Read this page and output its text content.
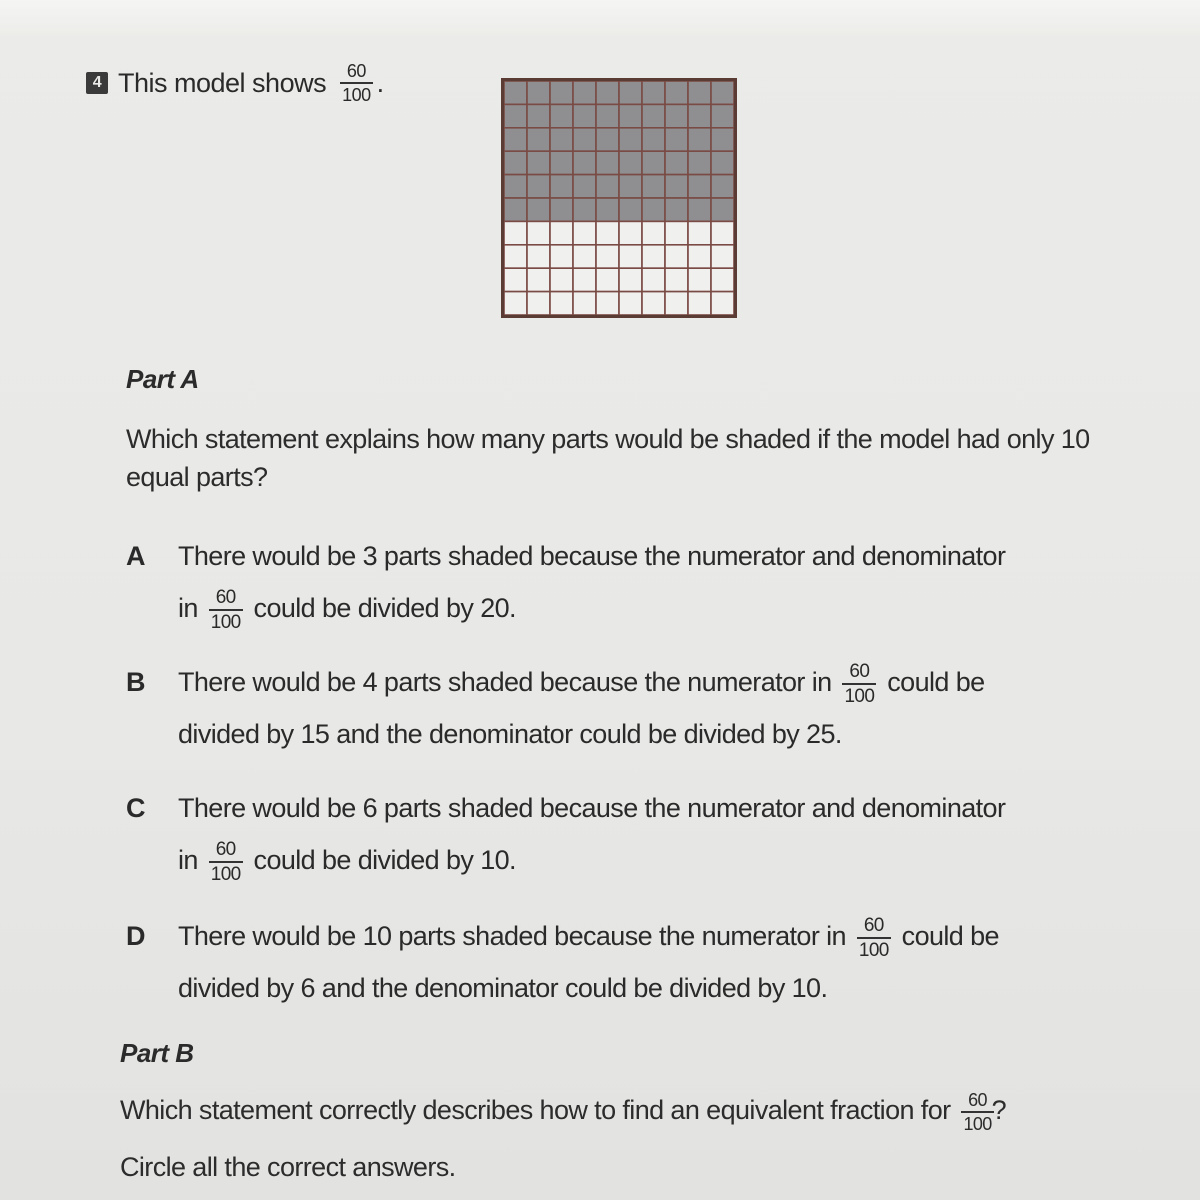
4 This model shows $\frac{60}{100}$ .
Part A
Which statement explains how many parts would be shaded if the model had only 10 equal parts?
A	There would be 3 parts shaded because the numerator and denominator
in $\frac{60}{100}$ could be divided by 20.
B	There would be 4 parts shaded because the numerator in $\frac{60}{100}$ could be
divided by 15 and the denominator could be divided by 25.
C	There would be 6 parts shaded because the numerator and denominator
in $\frac{60}{100}$ could be divided by 10.
D	There would be 10 parts shaded because the numerator in $\frac{60}{100}$ could be
divided by 6 and the denominator could be divided by 10.
Part B
Which statement correctly describes how to find an equivalent fraction for $\frac{60}{100}$
?
Circle all the correct answers.
